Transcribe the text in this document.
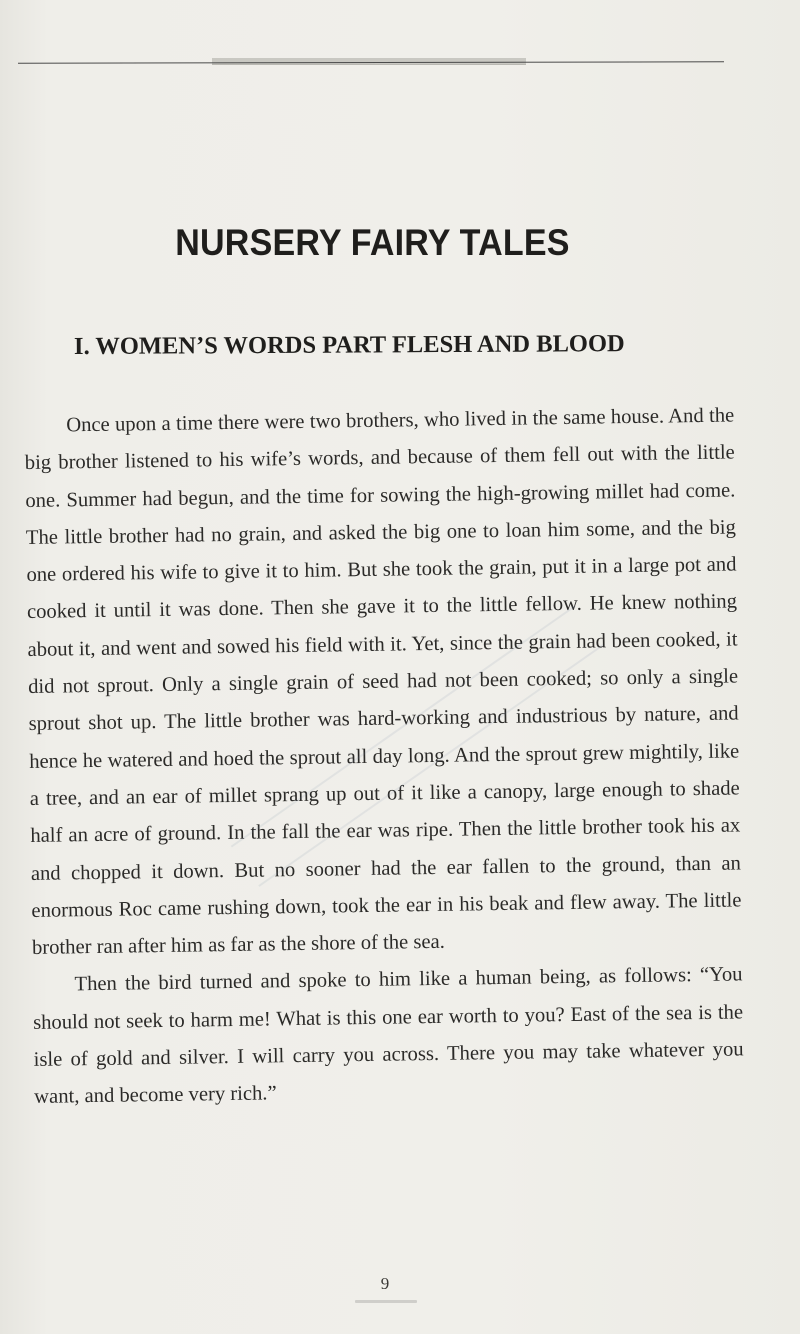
NURSERY FAIRY TALES
I. WOMEN’S WORDS PART FLESH AND BLOOD

Once upon a time there were two brothers, who lived in the same house. And the big brother listened to his wife’s words, and because of them fell out with the little one. Summer had begun, and the time for sowing the high-growing millet had come. The little brother had no grain, and asked the big one to loan him some, and the big one ordered his wife to give it to him. But she took the grain, put it in a large pot and cooked it until it was done. Then she gave it to the little fellow. He knew nothing about it, and went and sowed his field with it. Yet, since the grain had been cooked, it did not sprout. Only a single grain of seed had not been cooked; so only a single sprout shot up. The little brother was hard-working and industrious by nature, and hence he watered and hoed the sprout all day long. And the sprout grew mightily, like a tree, and an ear of millet sprang up out of it like a canopy, large enough to shade half an acre of ground. In the fall the ear was ripe. Then the little brother took his ax and chopped it down. But no sooner had the ear fallen to the ground, than an enormous Roc came rushing down, took the ear in his beak and flew away. The little brother ran after him as far as the shore of the sea.

Then the bird turned and spoke to him like a human being, as follows: “You should not seek to harm me! What is this one ear worth to you? East of the sea is the isle of gold and silver. I will carry you across. There you may take whatever you want, and become very rich.”

9
